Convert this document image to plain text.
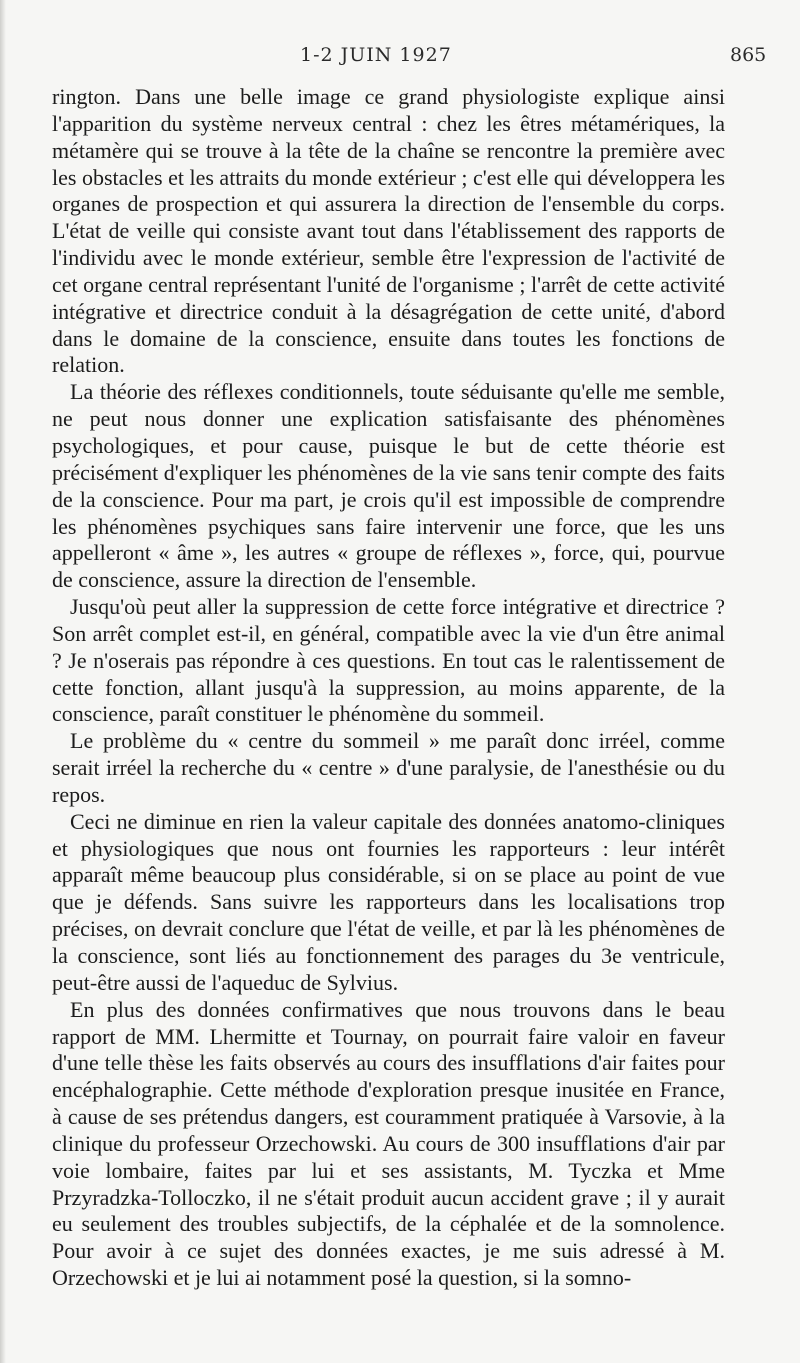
1-2 JUIN 1927	865

rington. Dans une belle image ce grand physiologiste explique ainsi l'apparition du système nerveux central : chez les êtres métamériques, la métamère qui se trouve à la tête de la chaîne se rencontre la première avec les obstacles et les attraits du monde extérieur ; c'est elle qui développera les organes de prospection et qui assurera la direction de l'ensemble du corps. L'état de veille qui consiste avant tout dans l'établissement des rapports de l'individu avec le monde extérieur, semble être l'expression de l'activité de cet organe central représentant l'unité de l'organisme ; l'arrêt de cette activité intégrative et directrice conduit à la désagrégation de cette unité, d'abord dans le domaine de la conscience, ensuite dans toutes les fonctions de relation.

La théorie des réflexes conditionnels, toute séduisante qu'elle me semble, ne peut nous donner une explication satisfaisante des phénomènes psychologiques, et pour cause, puisque le but de cette théorie est précisément d'expliquer les phénomènes de la vie sans tenir compte des faits de la conscience. Pour ma part, je crois qu'il est impossible de comprendre les phénomènes psychiques sans faire intervenir une force, que les uns appelleront « âme », les autres « groupe de réflexes », force, qui, pourvue de conscience, assure la direction de l'ensemble.

Jusqu'où peut aller la suppression de cette force intégrative et directrice ? Son arrêt complet est-il, en général, compatible avec la vie d'un être animal ? Je n'oserais pas répondre à ces questions. En tout cas le ralentissement de cette fonction, allant jusqu'à la suppression, au moins apparente, de la conscience, paraît constituer le phénomène du sommeil.

Le problème du « centre du sommeil » me paraît donc irréel, comme serait irréel la recherche du « centre » d'une paralysie, de l'anesthésie ou du repos.

Ceci ne diminue en rien la valeur capitale des données anatomo-cliniques et physiologiques que nous ont fournies les rapporteurs : leur intérêt apparaît même beaucoup plus considérable, si on se place au point de vue que je défends. Sans suivre les rapporteurs dans les localisations trop précises, on devrait conclure que l'état de veille, et par là les phénomènes de la conscience, sont liés au fonctionnement des parages du 3e ventricule, peut-être aussi de l'aqueduc de Sylvius.

En plus des données confirmatives que nous trouvons dans le beau rapport de MM. Lhermitte et Tournay, on pourrait faire valoir en faveur d'une telle thèse les faits observés au cours des insufflations d'air faites pour encéphalographie. Cette méthode d'exploration presque inusitée en France, à cause de ses prétendus dangers, est couramment pratiquée à Varsovie, à la clinique du professeur Orzechowski. Au cours de 300 insufflations d'air par voie lombaire, faites par lui et ses assistants, M. Tyczka et Mme Przyradzka-Tolloczko, il ne s'était produit aucun accident grave ; il y aurait eu seulement des troubles subjectifs, de la céphalée et de la somnolence. Pour avoir à ce sujet des données exactes, je me suis adressé à M. Orzechowski et je lui ai notamment posé la question, si la somno-
